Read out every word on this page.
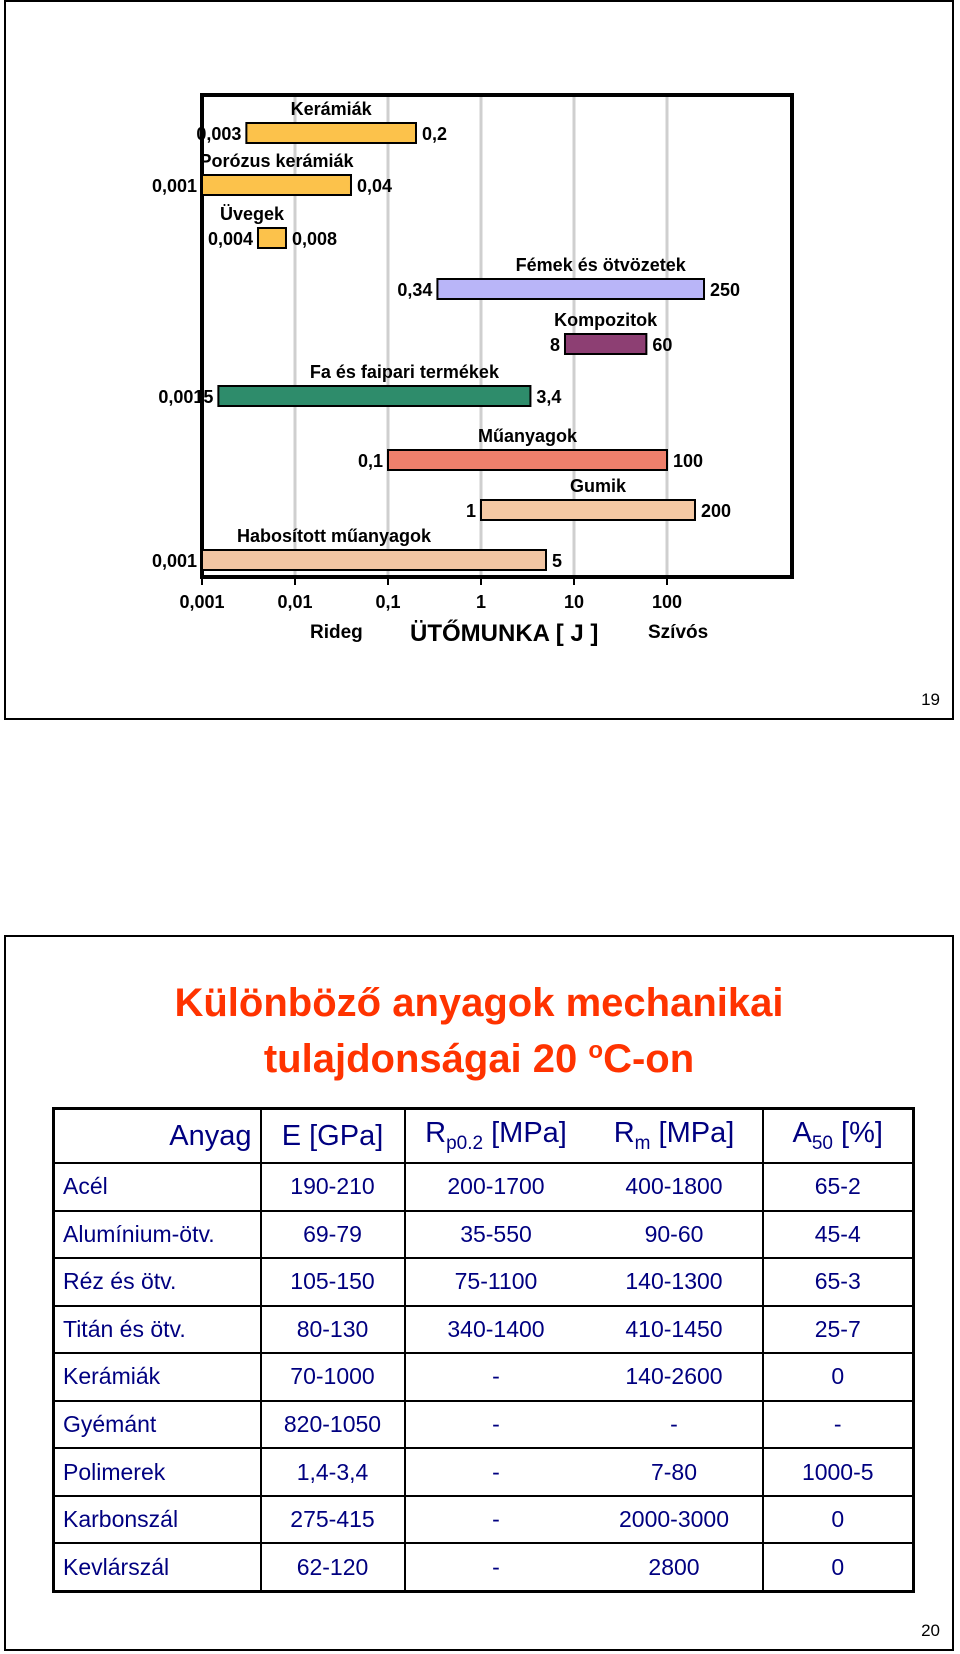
Kerámiák
0,003	0,2
Porózus kerámiák
0,001	0,04
Üvegek
0,004 0,008
Fémek és ötvözetek
0,34	250
Kompozitok
8	60
Fa és faipari termékek
0,0015	3,4
Műanyagok
0,1	100
Gumik
1	200
Habosított műanyagok
0,001	5
0,001	0,01	0,1	1	10	100
Rideg ÜTŐMUNKA [ J ]	Szívós
19
Különböző anyagok mechanikai
tulajdonságai 20 $^o$C-on
Anyag	E [GPa]	$R_{p0.2}$ [MPa]	$R_m$ [MPa]	$A_{50}$ [%]
Acél	190-210	200-1700	400-1800	65-2
Alumínium-ötv.	69-79	35-550	90-60	45-4
Réz és ötv.	105-150	75-1100	140-1300	65-3
Titán és ötv.	80-130	340-1400	410-1450	25-7
Kerámiák	70-1000	-	140-2600	0
Gyémánt	820-1050	-	-	-
Polimerek	1,4-3,4	-	7-80	1000-5
Karbonszál	275-415	-	2000-3000	0
Kevlárszál	62-120	-	2800	0
20
